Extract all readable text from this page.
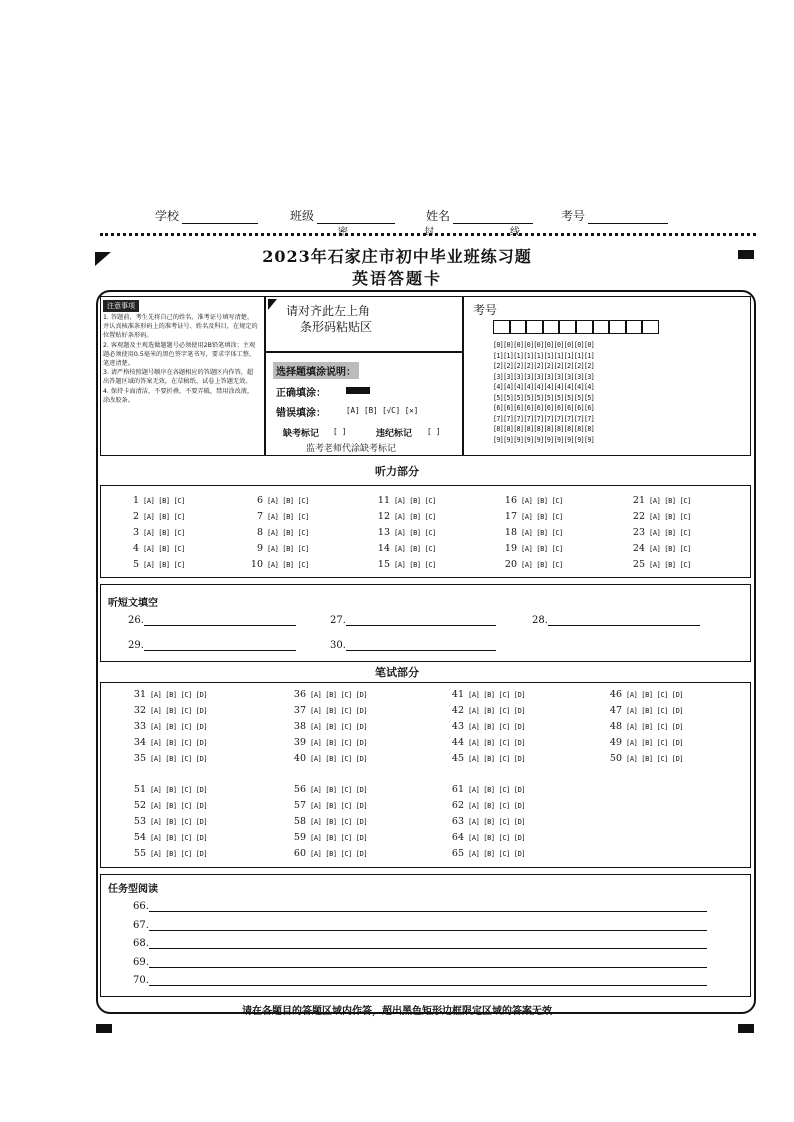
学校	班级	姓名	考号
密	封	线
2023年石家庄市初中毕业班练习题
英语答题卡
注意事项

1. 答题前，考生先将自己的姓名、准考证号填写清楚，并认真核准条形码上的准考证号、姓名及科目，在规定的位置贴好条形码。

2. 客观题及主观选做题题号必须使用2B铅笔填涂；主观题必须使用0.5毫米的黑色签字笔书写，要求字体工整、笔迹清楚。

3. 请严格按照题号顺序在各题相应的答题区内作答，超出答题区域的答案无效，在草稿纸、试卷上答题无效。

4. 保持卡面清洁，不要折叠、不要弄破，禁用涂改液，涂改胶条。

请对齐此左上角
条形码粘贴区
选择题填涂说明：
正确填涂：
错误填涂：	[A] [B] [√C] [✕]
缺考标记 [ ]	违纪标记 [ ]
监考老师代涂缺考标记
考号
[0][0][0][0][0][0][0][0][0][0]
[1][1][1][1][1][1][1][1][1][1]
[2][2][2][2][2][2][2][2][2][2]
[3][3][3][3][3][3][3][3][3][3]
[4][4][4][4][4][4][4][4][4][4]
[5][5][5][5][5][5][5][5][5][5]
[6][6][6][6][6][6][6][6][6][6]
[7][7][7][7][7][7][7][7][7][7]
[8][8][8][8][8][8][8][8][8][8]
[9][9][9][9][9][9][9][9][9][9]
听力部分
1 [A] [B] [C]
2 [A] [B] [C]
3 [A] [B] [C]
4 [A] [B] [C]
5 [A] [B] [C]
6 [A] [B] [C]
7 [A] [B] [C]
8 [A] [B] [C]
9 [A] [B] [C]
10 [A] [B] [C]
11 [A] [B] [C]
12 [A] [B] [C]
13 [A] [B] [C]
14 [A] [B] [C]
15 [A] [B] [C]
16 [A] [B] [C]
17 [A] [B] [C]
18 [A] [B] [C]
19 [A] [B] [C]
20 [A] [B] [C]
21 [A] [B] [C]
22 [A] [B] [C]
23 [A] [B] [C]
24 [A] [B] [C]
25 [A] [B] [C]
听短文填空
26.	27.	28.
29.	30.
笔试部分
31 [A] [B] [C] [D]
32 [A] [B] [C] [D]
33 [A] [B] [C] [D]
34 [A] [B] [C] [D]
35 [A] [B] [C] [D]
36 [A] [B] [C] [D]
37 [A] [B] [C] [D]
38 [A] [B] [C] [D]
39 [A] [B] [C] [D]
40 [A] [B] [C] [D]
41 [A] [B] [C] [D]
42 [A] [B] [C] [D]
43 [A] [B] [C] [D]
44 [A] [B] [C] [D]
45 [A] [B] [C] [D]
46 [A] [B] [C] [D]
47 [A] [B] [C] [D]
48 [A] [B] [C] [D]
49 [A] [B] [C] [D]
50 [A] [B] [C] [D]
51 [A] [B] [C] [D]
52 [A] [B] [C] [D]
53 [A] [B] [C] [D]
54 [A] [B] [C] [D]
55 [A] [B] [C] [D]
56 [A] [B] [C] [D]
57 [A] [B] [C] [D]
58 [A] [B] [C] [D]
59 [A] [B] [C] [D]
60 [A] [B] [C] [D]
61 [A] [B] [C] [D]
62 [A] [B] [C] [D]
63 [A] [B] [C] [D]
64 [A] [B] [C] [D]
65 [A] [B] [C] [D]
任务型阅读
66.
67.
68.
69.
70.
请在各题目的答题区域内作答，超出黑色矩形边框限定区域的答案无效
